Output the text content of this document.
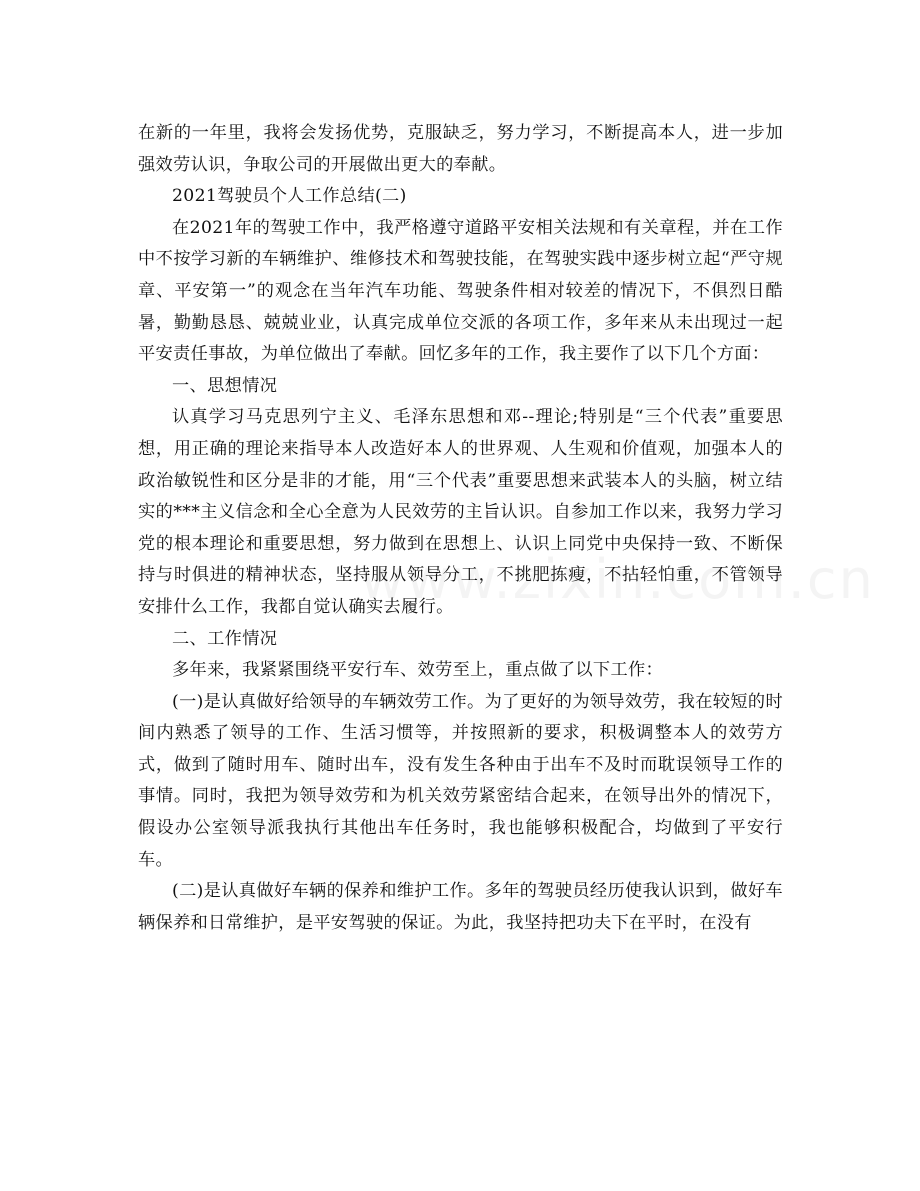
在新的一年里，我将会发扬优势，克服缺乏，努力学习，不断提高本人，进一步加强效劳认识，争取公司的开展做出更大的奉献。

2021驾驶员个人工作总结(二)

在2021年的驾驶工作中，我严格遵守道路平安相关法规和有关章程，并在工作中不按学习新的车辆维护、维修技术和驾驶技能，在驾驶实践中逐步树立起“严守规章、平安第一”的观念在当年汽车功能、驾驶条件相对较差的情况下，不俱烈日酷暑，勤勤恳恳、兢兢业业，认真完成单位交派的各项工作，多年来从未出现过一起平安责任事故，为单位做出了奉献。回忆多年的工作，我主要作了以下几个方面：

一、思想情况

认真学习马克思列宁主义、毛泽东思想和邓--理论;特别是“三个代表”重要思想，用正确的理论来指导本人改造好本人的世界观、人生观和价值观，加强本人的政治敏锐性和区分是非的才能，用“三个代表”重要思想来武装本人的头脑，树立结实的***主义信念和全心全意为人民效劳的主旨认识。自参加工作以来，我努力学习党的根本理论和重要思想，努力做到在思想上、认识上同党中央保持一致、不断保持与时俱进的精神状态，坚持服从领导分工，不挑肥拣瘦，不拈轻怕重，不管领导安排什么工作，我都自觉认确实去履行。

二、工作情况

多年来，我紧紧围绕平安行车、效劳至上，重点做了以下工作：

(一)是认真做好给领导的车辆效劳工作。为了更好的为领导效劳，我在较短的时间内熟悉了领导的工作、生活习惯等，并按照新的要求，积极调整本人的效劳方式，做到了随时用车、随时出车，没有发生各种由于出车不及时而耽误领导工作的事情。同时，我把为领导效劳和为机关效劳紧密结合起来，在领导出外的情况下，假设办公室领导派我执行其他出车任务时，我也能够积极配合，均做到了平安行车。

(二)是认真做好车辆的保养和维护工作。多年的驾驶员经历使我认识到，做好车辆保养和日常维护，是平安驾驶的保证。为此，我坚持把功夫下在平时，在没有
